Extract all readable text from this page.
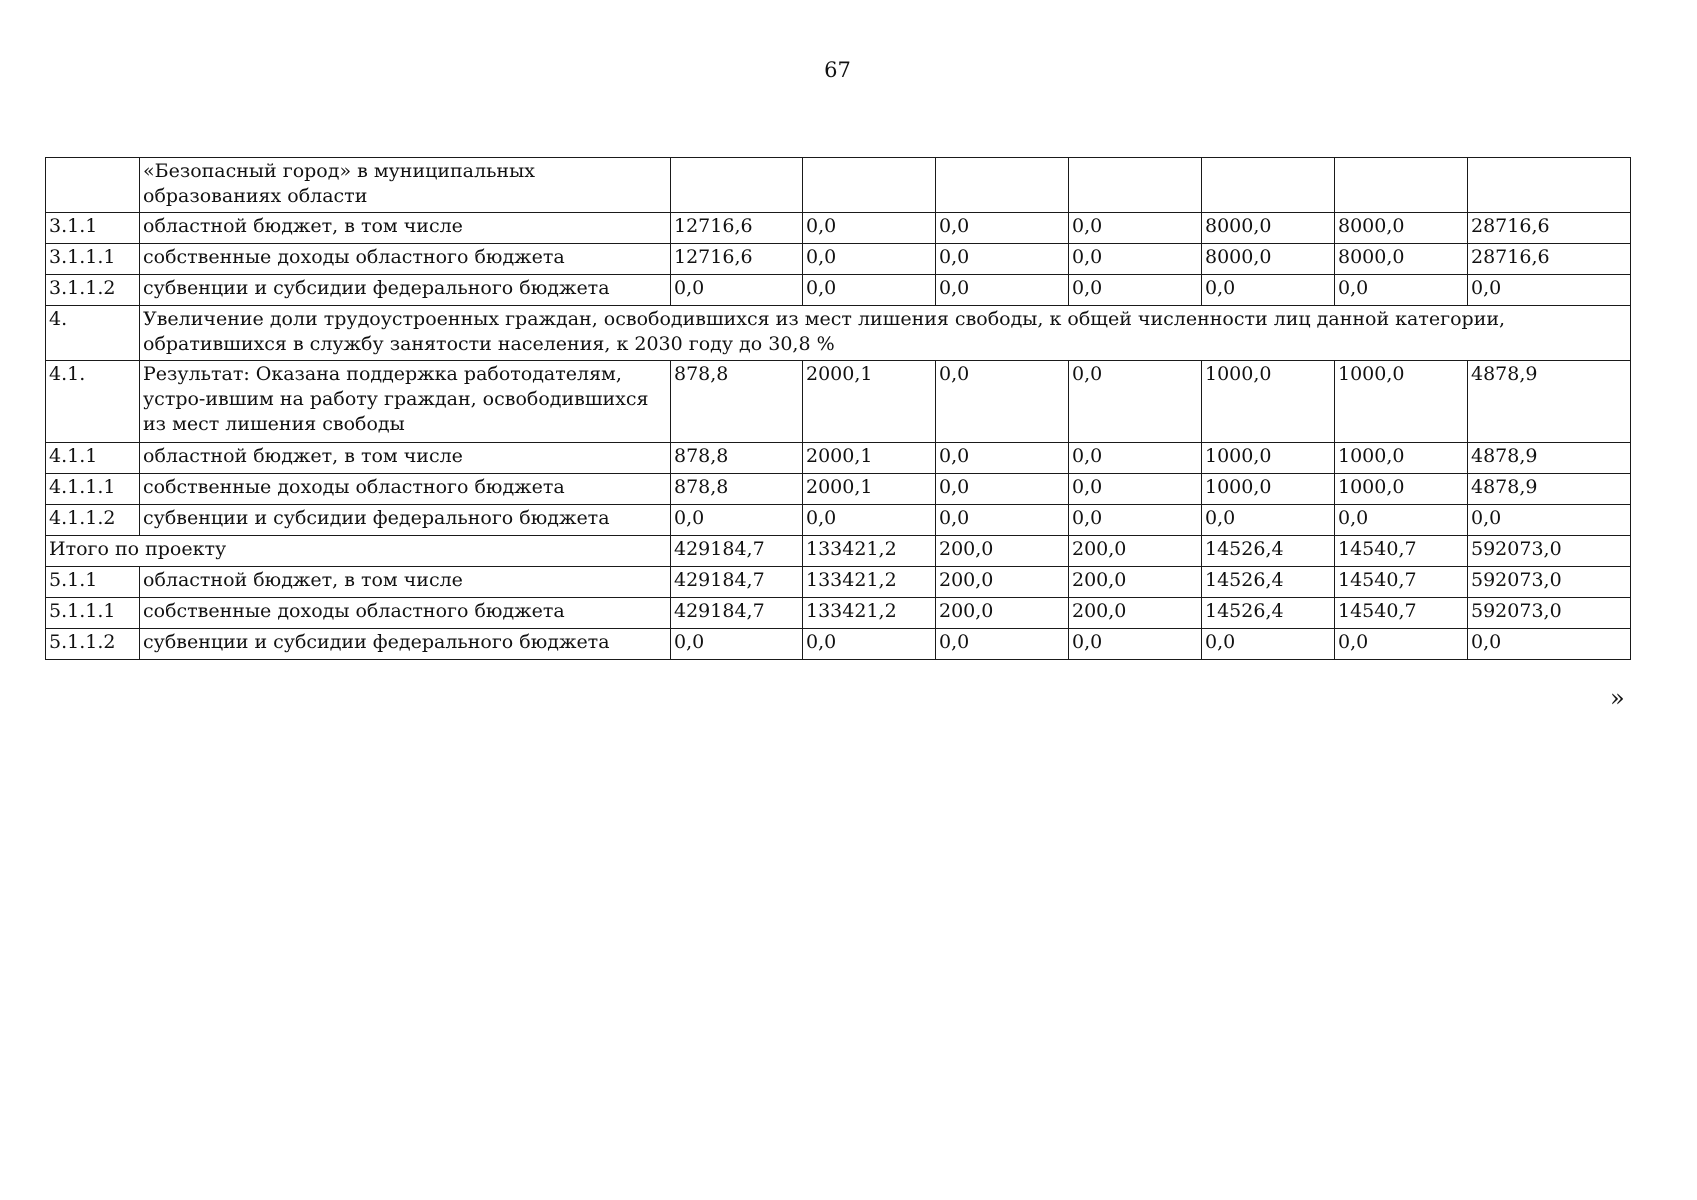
67
	«Безопасный город» в муниципальных образованиях области							
3.1.1	областной бюджет, в том числе	12716,6	0,0	0,0	0,0	8000,0	8000,0	28716,6
3.1.1.1	собственные доходы областного бюджета	12716,6	0,0	0,0	0,0	8000,0	8000,0	28716,6
3.1.1.2	субвенции и субсидии федерального бюджета	0,0	0,0	0,0	0,0	0,0	0,0	0,0
4.	Увеличение доли трудоустроенных граждан, освободившихся из мест лишения свободы, к общей численности лиц данной категории, обратившихся в службу занятости населения, к 2030 году до 30,8 %							
4.1.	Результат: Оказана поддержка работодателям, устро-ившим на работу граждан, освободившихся из мест лишения свободы	878,8	2000,1	0,0	0,0	1000,0	1000,0	4878,9
4.1.1	областной бюджет, в том числе	878,8	2000,1	0,0	0,0	1000,0	1000,0	4878,9
4.1.1.1	собственные доходы областного бюджета	878,8	2000,1	0,0	0,0	1000,0	1000,0	4878,9
4.1.1.2	субвенции и субсидии федерального бюджета	0,0	0,0	0,0	0,0	0,0	0,0	0,0
Итого по проекту		429184,7	133421,2	200,0	200,0	14526,4	14540,7	592073,0
5.1.1	областной бюджет, в том числе	429184,7	133421,2	200,0	200,0	14526,4	14540,7	592073,0
5.1.1.1	собственные доходы областного бюджета	429184,7	133421,2	200,0	200,0	14526,4	14540,7	592073,0
5.1.1.2	субвенции и субсидии федерального бюджета	0,0	0,0	0,0	0,0	0,0	0,0	0,0
»
